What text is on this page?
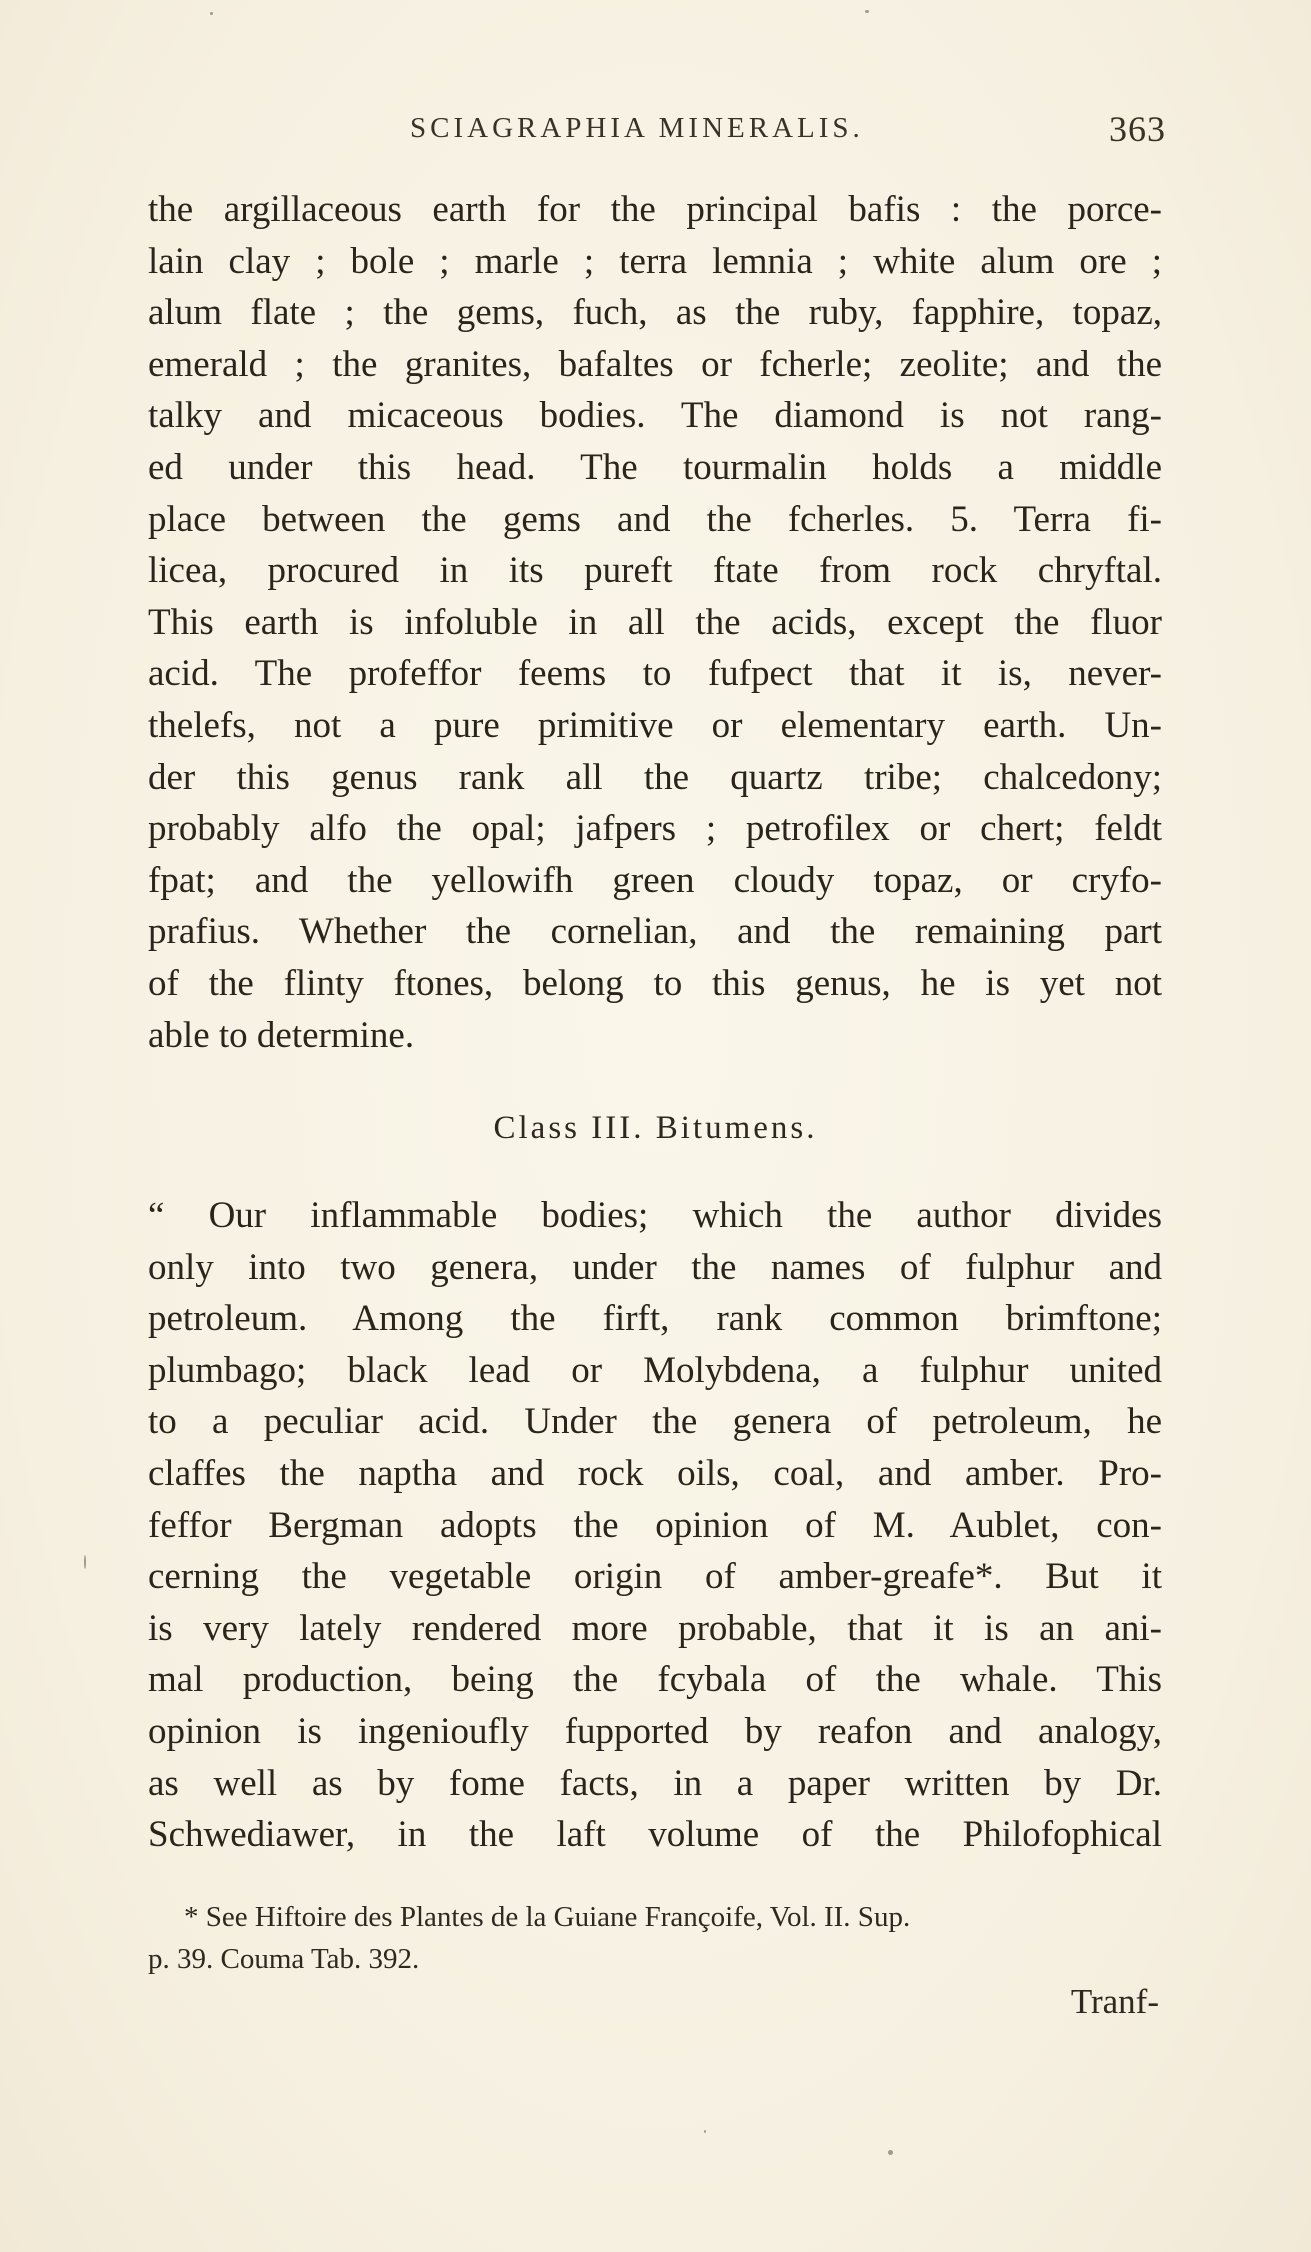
SCIAGRAPHIA MINERALIS.	363
the argillaceous earth for the principal bafis : the porce-
lain clay ; bole ; marle ; terra lemnia ; white alum ore ;
alum flate ; the gems, fuch, as the ruby, fapphire, topaz,
emerald ; the granites, bafaltes or fcherle; zeolite; and the
talky and micaceous bodies. The diamond is not rang-
ed under this head. The tourmalin holds a middle
place between the gems and the fcherles. 5. Terra fi-
licea, procured in its pureft ftate from rock chryftal.
This earth is infoluble in all the acids, except the fluor
acid. The profeffor feems to fufpect that it is, never-
thelefs, not a pure primitive or elementary earth. Un-
der this genus rank all the quartz tribe; chalcedony;
probably alfo the opal; jafpers ; petrofilex or chert; feldt
fpat; and the yellowifh green cloudy topaz, or cryfo-
prafius. Whether the cornelian, and the remaining part
of the flinty ftones, belong to this genus, he is yet not
able to determine.
Class III. Bitumens.
“ Our inflammable bodies; which the author divides
only into two genera, under the names of fulphur and
petroleum. Among the firft, rank common brimftone;
plumbago; black lead or Molybdena, a fulphur united
to a peculiar acid. Under the genera of petroleum, he
claffes the naptha and rock oils, coal, and amber. Pro-
feffor Bergman adopts the opinion of M. Aublet, con-
cerning the vegetable origin of amber-greafe*. But it
is very lately rendered more probable, that it is an ani-
mal production, being the fcybala of the whale. This
opinion is ingenioufly fupported by reafon and analogy,
as well as by fome facts, in a paper written by Dr.
Schwediawer, in the laft volume of the Philofophical
* See Hiftoire des Plantes de la Guiane Françoife, Vol. II. Sup.
p. 39. Couma Tab. 392.
Tranf-
